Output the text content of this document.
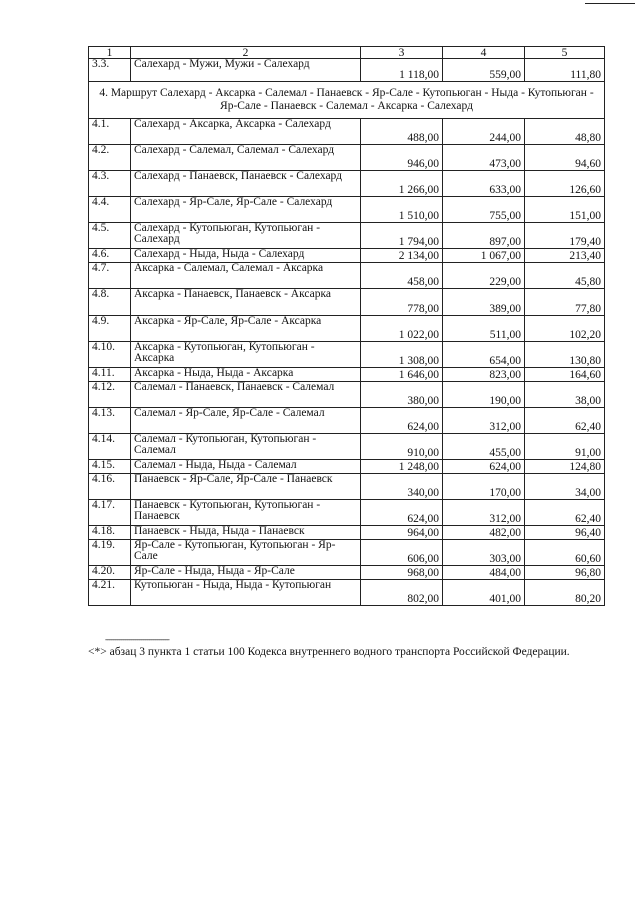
1	2	3	4	5
3.3.	Салехард - Мужи, Мужи - Салехард	1 118,00	559,00	111,80
4. Маршрут Салехард - Аксарка - Салемал - Панаевск - Яр-Сале - Кутопьюган - Ныда - Кутопьюган - Яр-Сале - Панаевск - Салемал - Аксарка - Салехард				
4.1.	Салехард - Аксарка, Аксарка - Салехард	488,00	244,00	48,80
4.2.	Салехард - Салемал, Салемал - Салехард	946,00	473,00	94,60
4.3.	Салехард - Панаевск, Панаевск - Салехард	1 266,00	633,00	126,60
4.4.	Салехард - Яр-Сале, Яр-Сале - Салехард	1 510,00	755,00	151,00
4.5.	Салехард - Кутопьюган, Кутопьюган - Салехард	1 794,00	897,00	179,40
4.6.	Салехард - Ныда, Ныда - Салехард	2 134,00	1 067,00	213,40
4.7.	Аксарка - Салемал, Салемал - Аксарка	458,00	229,00	45,80
4.8.	Аксарка - Панаевск, Панаевск - Аксарка	778,00	389,00	77,80
4.9.	Аксарка - Яр-Сале, Яр-Сале - Аксарка	1 022,00	511,00	102,20
4.10.	Аксарка - Кутопьюган, Кутопьюган - Аксарка	1 308,00	654,00	130,80
4.11.	Аксарка - Ныда, Ныда - Аксарка	1 646,00	823,00	164,60
4.12.	Салемал - Панаевск, Панаевск - Салемал	380,00	190,00	38,00
4.13.	Салемал - Яр-Сале, Яр-Сале - Салемал	624,00	312,00	62,40
4.14.	Салемал - Кутопьюган, Кутопьюган - Салемал	910,00	455,00	91,00
4.15.	Салемал - Ныда, Ныда - Салемал	1 248,00	624,00	124,80
4.16.	Панаевск - Яр-Сале, Яр-Сале - Панаевск	340,00	170,00	34,00
4.17.	Панаевск - Кутопьюган, Кутопьюган - Панаевск	624,00	312,00	62,40
4.18.	Панаевск - Ныда, Ныда - Панаевск	964,00	482,00	96,40
4.19.	Яр-Сале - Кутопьюган, Кутопьюган - Яр-Сале	606,00	303,00	60,60
4.20.	Яр-Сале - Ныда, Ныда - Яр-Сале	968,00	484,00	96,80
4.21.	Кутопьюган - Ныда, Ныда - Кутопьюган	802,00	401,00	80,20
--------------------------------
<*> абзац 3 пункта 1 статьи 100 Кодекса внутреннего водного транспорта Российской Федерации.
